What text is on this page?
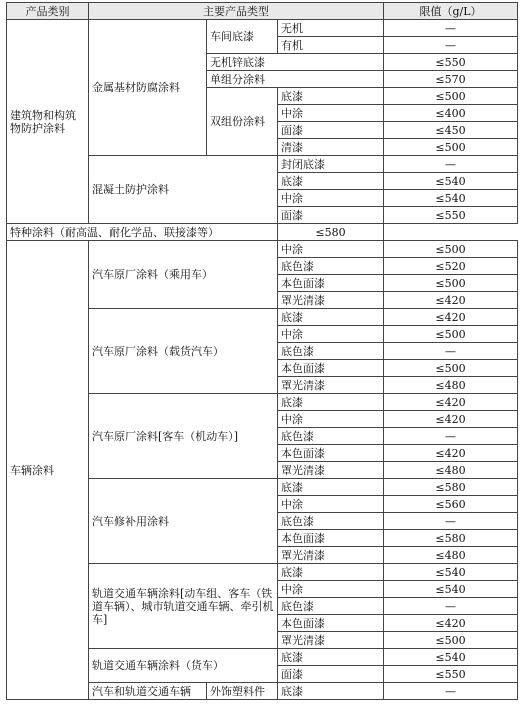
产品类别	主要产品类型			限值（g/L）
建筑物和构筑物防护涂料	金属基材防腐涂料	车间底漆	无机	—
			有机	—
		无机锌底漆		≤550
		单组分涂料		≤570
		双组份涂料	底漆	≤500
			中涂	≤400
			面漆	≤450
			清漆	≤500
	混凝土防护涂料		封闭底漆	—
			底漆	≤540
			中涂	≤540
			面漆	≤550
特种涂料（耐高温、耐化学品、联接漆等）			≤580	
车辆涂料	汽车原厂涂料（乘用车）		中涂	≤500
			底色漆	≤520
			本色面漆	≤500
			罩光清漆	≤420
	汽车原厂涂料（载货汽车）		底漆	≤420
			中涂	≤500
			底色漆	—
			本色面漆	≤500
			罩光清漆	≤480
	汽车原厂涂料[客车（机动车）]		底漆	≤420
			中涂	≤420
			底色漆	—
			本色面漆	≤420
			罩光清漆	≤480
	汽车修补用涂料		底漆	≤580
			中涂	≤560
			底色漆	—
			本色面漆	≤580
			罩光清漆	≤480
	轨道交通车辆涂料[动车组、客车（铁道车辆）、城市轨道交通车辆、牵引机车]		底漆	≤540
			中涂	≤540
			底色漆	—
			本色面漆	≤420
			罩光清漆	≤500
	轨道交通车辆涂料（货车）		底漆	≤540
			面漆	≤550
	汽车和轨道交通车辆	外饰塑料件	底漆	—
